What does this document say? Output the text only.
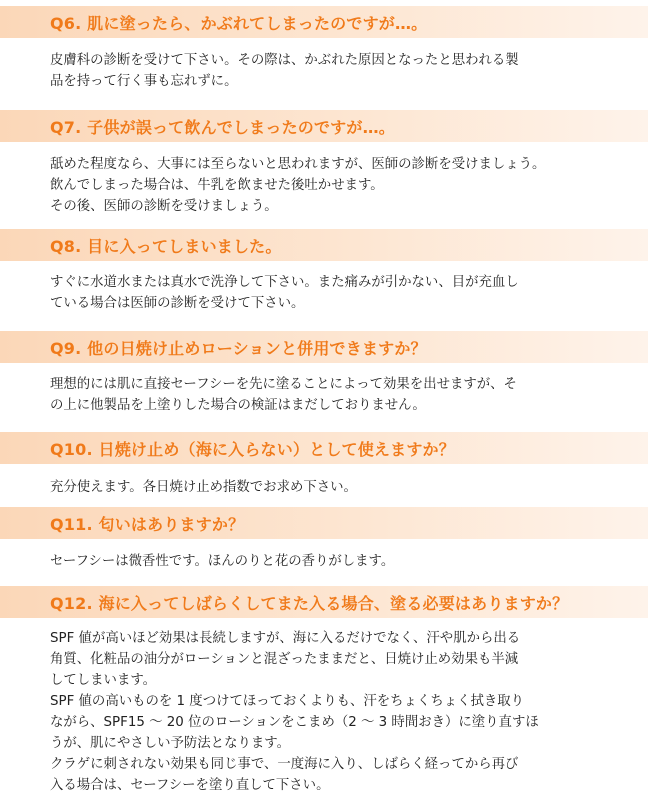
Q6. 肌に塗ったら、かぶれてしまったのですが…。

皮膚科の診断を受けて下さい。その際は、かぶれた原因となったと思われる製

品を持って行く事も忘れずに。

Q7. 子供が誤って飲んでしまったのですが…。

舐めた程度なら、大事には至らないと思われますが、医師の診断を受けましょう。

飲んでしまった場合は、牛乳を飲ませた後吐かせます。

その後、医師の診断を受けましょう。

Q8. 目に入ってしまいました。

すぐに水道水または真水で洗浄して下さい。また痛みが引かない、目が充血し

ている場合は医師の診断を受けて下さい。

Q9. 他の日焼け止めローションと併用できますか？

理想的には肌に直接セーフシーを先に塗ることによって効果を出せますが、そ

の上に他製品を上塗りした場合の検証はまだしておりません。

Q10. 日焼け止め（海に入らない）として使えますか？

充分使えます。各日焼け止め指数でお求め下さい。

Q11. 匂いはありますか？

セーフシーは微香性です。ほんのりと花の香りがします。

Q12. 海に入ってしばらくしてまた入る場合、塗る必要はありますか？

SPF 値が高いほど効果は長続しますが、海に入るだけでなく、汗や肌から出る

角質、化粧品の油分がローションと混ざったままだと、日焼け止め効果も半減

してしまいます。

SPF 値の高いものを 1 度つけてほっておくよりも、汗をちょくちょく拭き取り

ながら、SPF15 ～ 20 位のローションをこまめ（2 ～ 3 時間おき）に塗り直すほ

うが、肌にやさしい予防法となります。

クラゲに刺されない効果も同じ事で、一度海に入り、しばらく経ってから再び

入る場合は、セーフシーを塗り直して下さい。
